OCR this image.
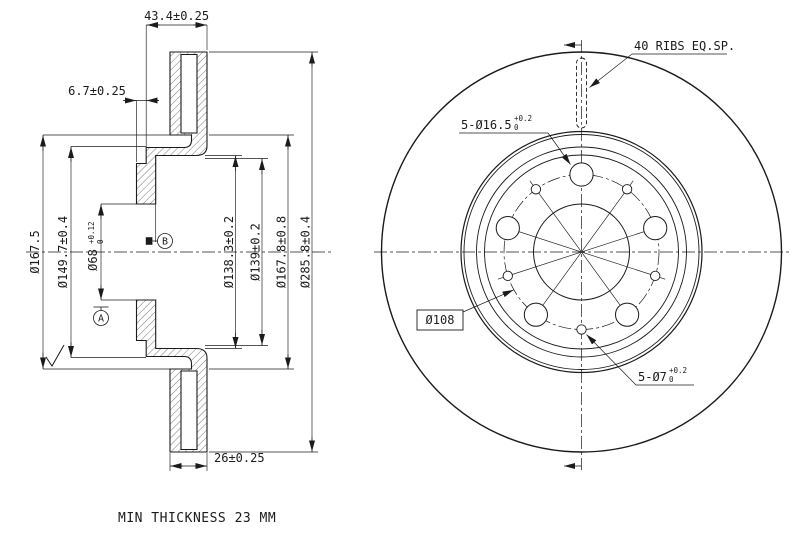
43.4±0.25
6.7±0.25
Ø167.5 Ø149.7±0.4 Ø68
+0.12 0	Ø138.3±0.2 Ø139±0.2 Ø167.8±0.8 Ø285.8±0.4
26±0.25
A
B
40 RIBS EQ.SP.
5-Ø16.5 +0.2
0
Ø108
5-Ø7 +0.2
0
MIN THICKNESS 23 MM
